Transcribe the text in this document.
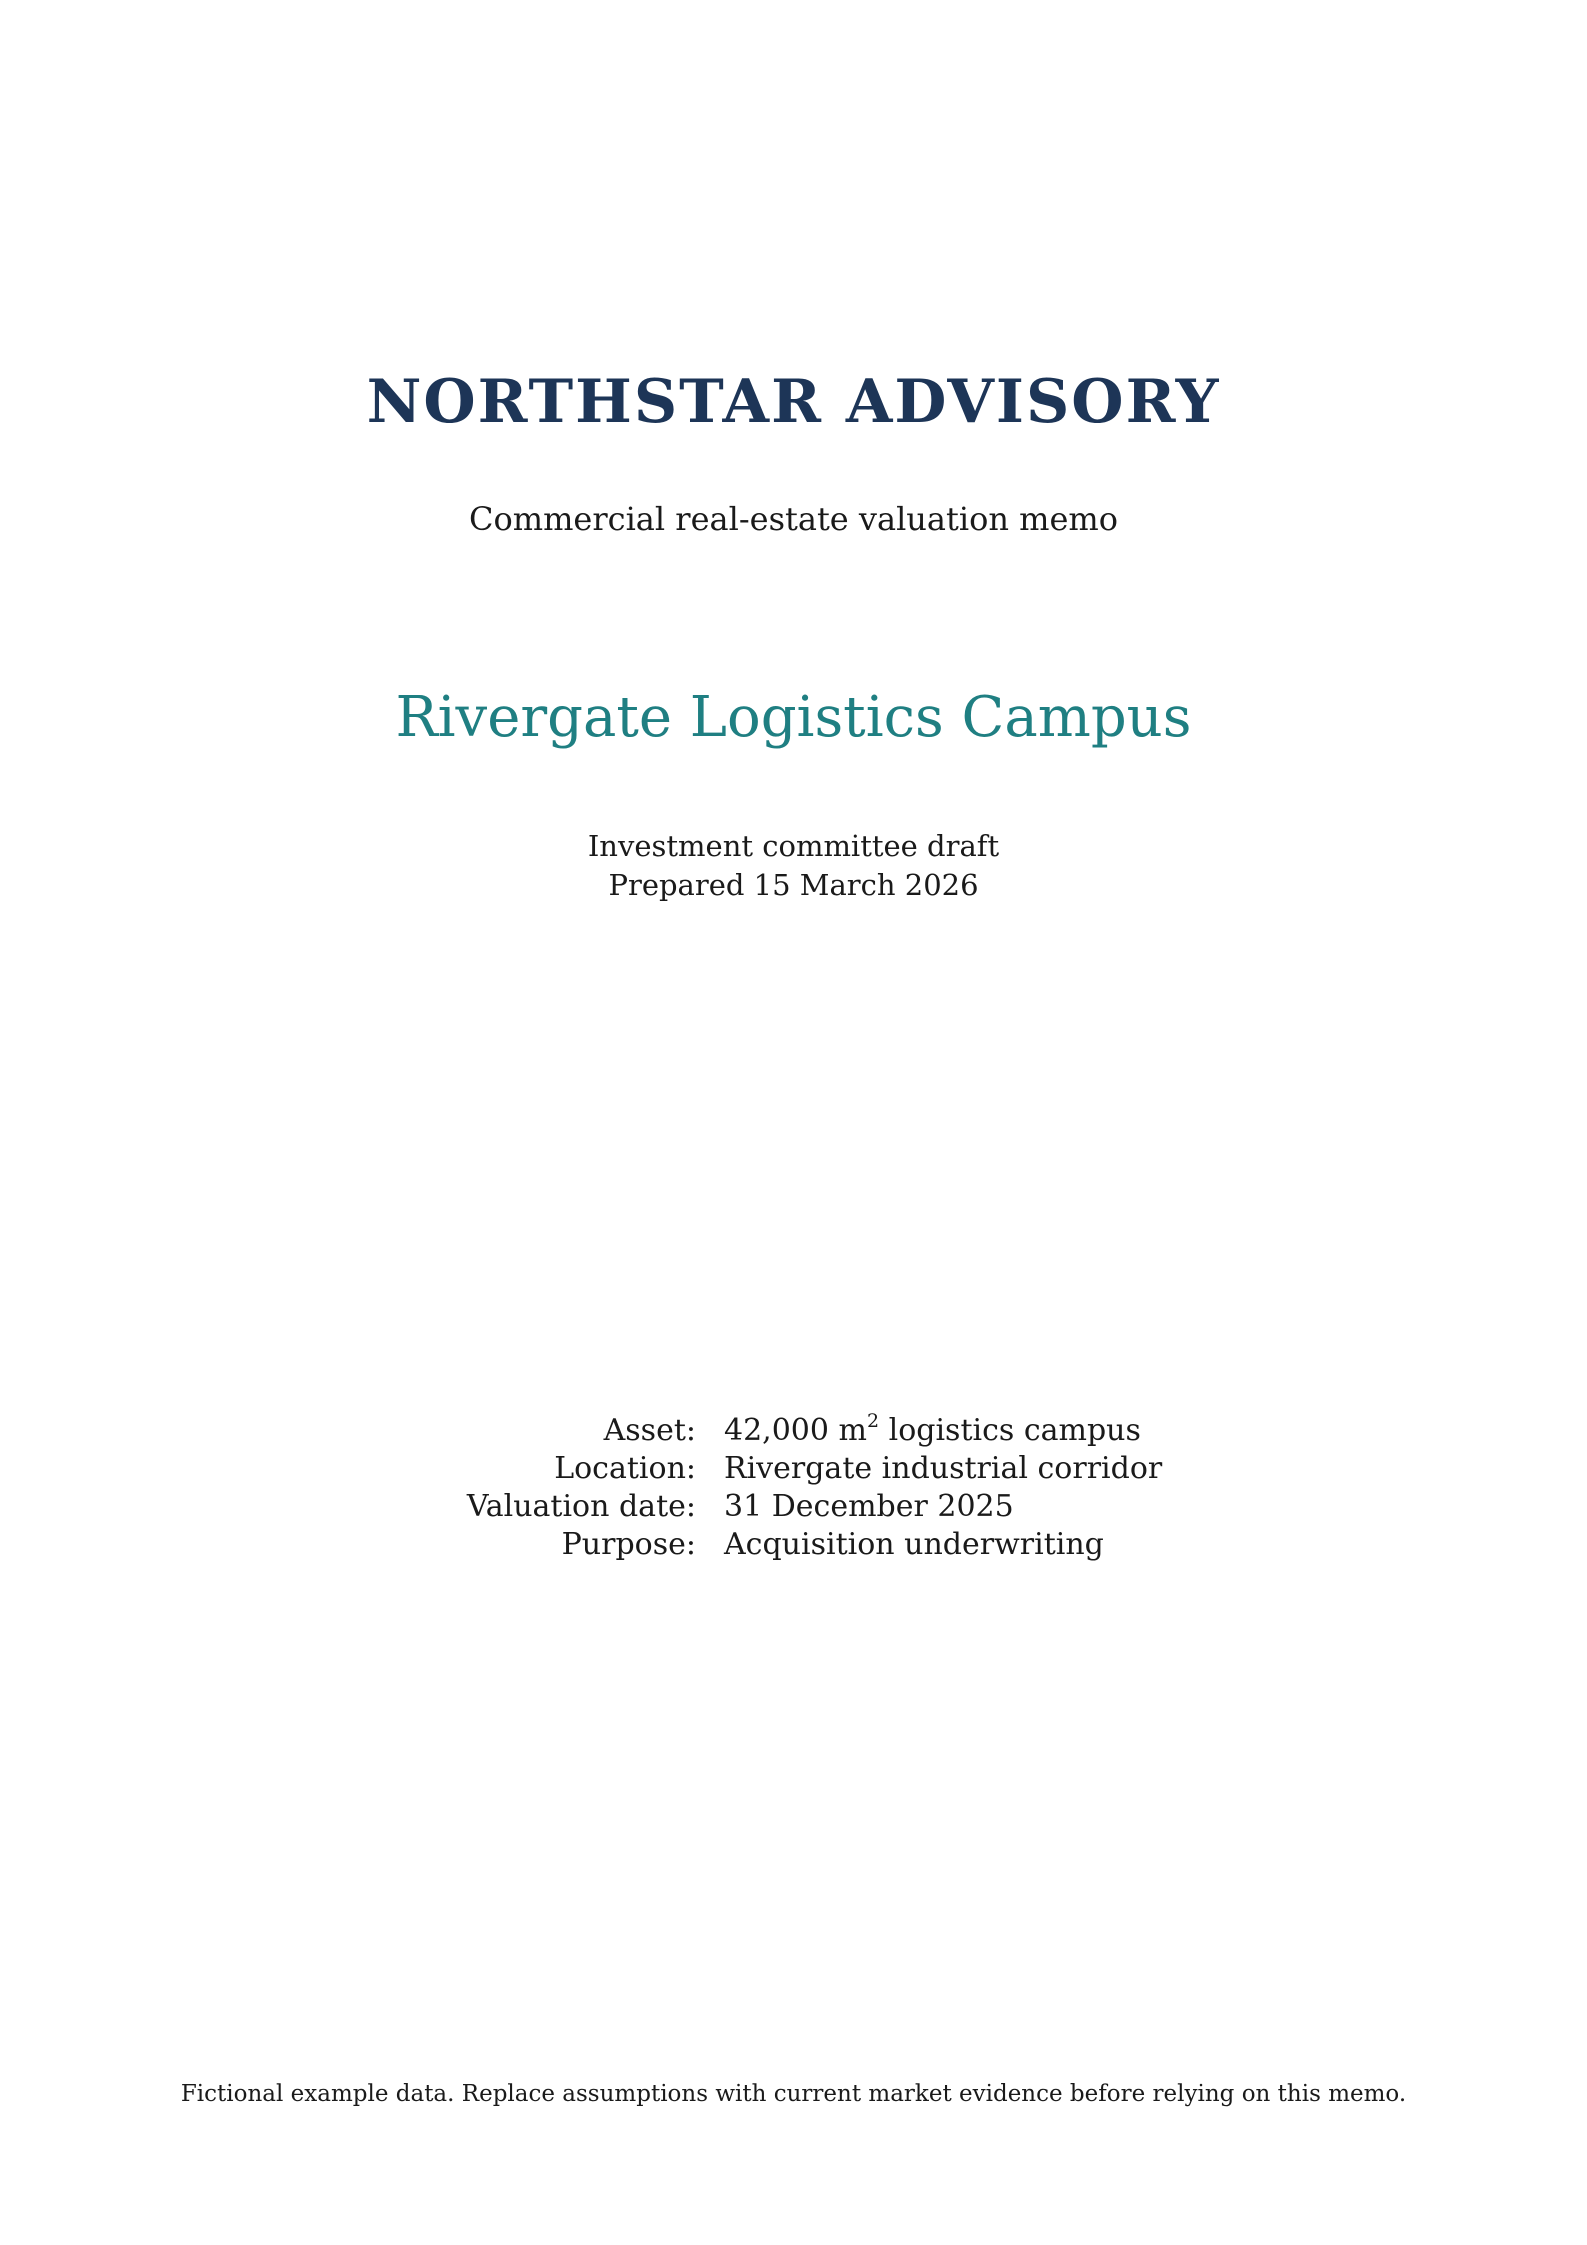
NORTHSTAR ADVISORY
Commercial real-estate valuation memo
Rivergate Logistics Campus
Investment committee draft
Prepared 15 March 2026
Asset: 42,000 $m^2$ logistics campus
Location: Rivergate industrial corridor
Valuation date: 31 December 2025
Purpose: Acquisition underwriting
Fictional example data. Replace assumptions with current market evidence before relying on this memo.
